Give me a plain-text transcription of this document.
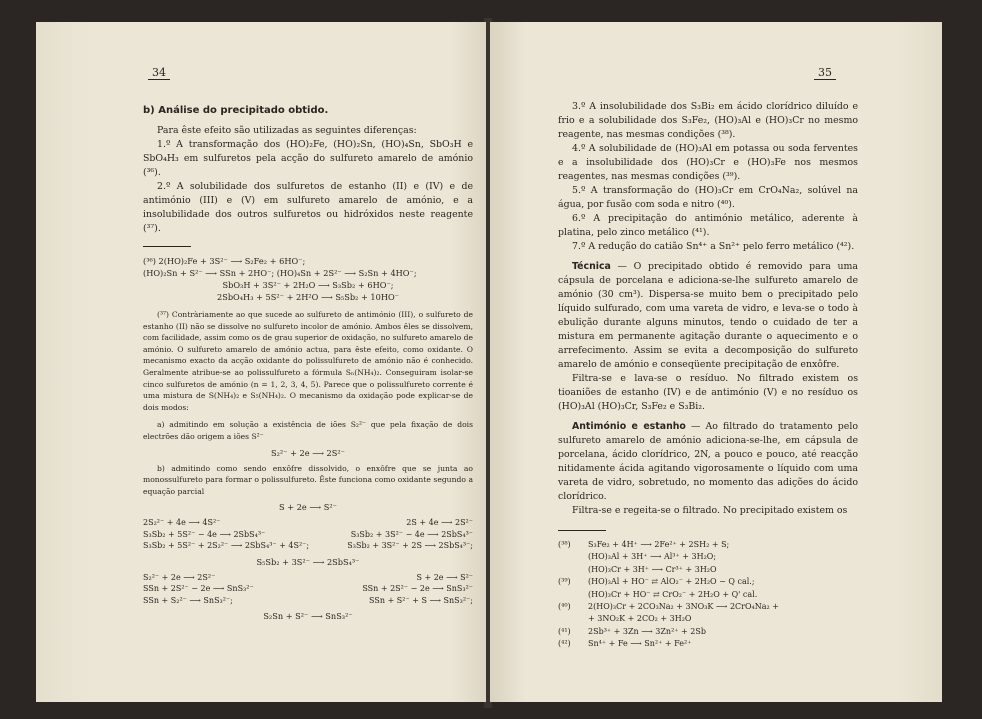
34

b) Análise do precipitado obtido.

Para êste efeito são utilizadas as seguintes diferenças:

1.º A transformação dos (HO)₂Fe, (HO)₂Sn, (HO)₄Sn, SbO₃H e SbO₄H₃ em sulfuretos pela acção do sulfureto amarelo de amónio (³⁶).

2.º A solubilidade dos sulfuretos de estanho (II) e (IV) e de antimónio (III) e (V) em sulfureto amarelo de amónio, e a insolubilidade dos outros sulfuretos ou hidróxidos neste reagente (³⁷).

(³⁶) 2(HO)₂Fe + 3S²⁻ ⟶ S₂Fe₂ + 6HO⁻;
(HO)₂Sn + S²⁻ ⟶ SSn + 2HO⁻; (HO)₄Sn + 2S²⁻ ⟶ S₂Sn + 4HO⁻;
SbO₃H + 3S²⁻ + 2H₂O ⟶ S₃Sb₂ + 6HO⁻;
2SbO₄H₃ + 5S²⁻ + 2H²O ⟶ S₅Sb₂ + 10HO⁻

(³⁷) Contràriamente ao que sucede ao sulfureto de antimónio (III), o sulfureto de estanho (II) não se dissolve no sulfureto incolor de amónio. Ambos êles se dissolvem, com facilidade, assim como os de grau superior de oxidação, no sulfureto amarelo de amónio. O sulfureto amarelo de amónio actua, para êste efeito, como oxidante. O mecanismo exacto da acção oxidante do polissulfureto de amónio não é conhecido. Geralmente atribue-se ao polissulfureto a fórmula Sₙ(NH₄)₂. Conseguiram isolar-se cinco sulfuretos de amónio (n = 1, 2, 3, 4, 5). Parece que o polissulfureto corrente é uma mistura de S(NH₄)₂ e S₅(NH₄)₂. O mecanismo da oxidação pode explicar-se de dois modos:

a) admitindo em solução a existência de iões S₂²⁻ que pela fixação de dois electrões dão origem a iões S²⁻

S₂²⁻ + 2e ⟶ 2S²⁻

b) admitindo como sendo enxôfre dissolvido, o enxôfre que se junta ao monossulfureto para formar o polissulfureto. Êste funciona como oxidante segundo a equação parcial

S + 2e ⟶ S²⁻
2S₂²⁻ + 4e ⟶ 4S²⁻	2S + 4e ⟶ 2S²⁻
S₃Sb₂ + 5S²⁻ − 4e ⟶ 2SbS₄³⁻	S₃Sb₂ + 3S²⁻ − 4e ⟶ 2SbS₄³⁻
S₃Sb₂ + 5S²⁻ + 2S₂²⁻ ⟶ 2SbS₄³⁻ + 4S²⁻;	S₃Sb₂ + 3S²⁻ + 2S ⟶ 2SbS₄³⁻;
S₅Sb₂ + 3S²⁻ ⟶ 2SbS₄³⁻
S₂²⁻ + 2e ⟶ 2S²⁻	S + 2e ⟶ S²⁻
SSn + 2S²⁻ − 2e ⟶ SnS₃²⁻	SSn + 2S²⁻ − 2e ⟶ SnS₃²⁻
SSn + S₂²⁻ ⟶ SnS₃²⁻;	SSn + S²⁻ + S ⟶ SnS₃²⁻;
S₂Sn + S²⁻ ⟶ SnS₃²⁻
35

3.º A insolubilidade dos S₃Bi₂ em ácido clorídrico diluído e frio e a solubilidade dos S₃Fe₂, (HO)₃Al e (HO)₃Cr no mesmo reagente, nas mesmas condições (³⁸).

4.º A solubilidade de (HO)₃Al em potassa ou soda ferventes e a insolubilidade dos (HO)₃Cr e (HO)₃Fe nos mesmos reagentes, nas mesmas condições (³⁹).

5.º A transformação do (HO)₃Cr em CrO₄Na₂, solúvel na água, por fusão com soda e nitro (⁴⁰).

6.º A precipitação do antimónio metálico, aderente à platina, pelo zinco metálico (⁴¹).

7.º A redução do catião Sn⁴⁺ a Sn²⁺ pelo ferro metálico (⁴²).

Técnica — O precipitado obtido é removido para uma cápsula de porcelana e adiciona-se-lhe sulfureto amarelo de amónio (30 cm³). Dispersa-se muito bem o precipitado pelo líquido sulfurado, com uma vareta de vidro, e leva-se o todo à ebulição durante alguns minutos, tendo o cuidado de ter a mistura em permanente agitação durante o aquecimento e o arrefecimento. Assim se evita a decomposição do sulfureto amarelo de amónio e conseqüente precipitação de enxôfre.

Filtra-se e lava-se o resíduo. No filtrado existem os tioaniões de estanho (IV) e de antimónio (V) e no resíduo os (HO)₃Al (HO)₃Cr, S₃Fe₂ e S₃Bi₂.

Antimónio e estanho — Ao filtrado do tratamento pelo sulfureto amarelo de amónio adiciona-se-lhe, em cápsula de porcelana, ácido clorídrico, 2N, a pouco e pouco, até reacção nitidamente ácida agitando vigorosamente o líquido com uma vareta de vidro, sobretudo, no momento das adições do ácido clorídrico.

Filtra-se e regeita-se o filtrado. No precipitado existem os

(³⁸)	S₃Fe₂ + 4H⁺ ⟶ 2Fe²⁺ + 2SH₂ + S;
(HO)₃Al + 3H⁺ ⟶ Al³⁺ + 3H₂O;
(HO)₃Cr + 3H⁺ ⟶ Cr³⁺ + 3H₂O
(³⁹)	(HO)₃Al + HO⁻ ⇄ AlO₂⁻ + 2H₂O − Q cal.;
(HO)₃Cr + HO⁻ ⇄ CrO₂⁻ + 2H₂O + Q' cal.
(⁴⁰)	2(HO)₃Cr + 2CO₃Na₂ + 3NO₃K ⟶ 2CrO₄Na₂ +
+ 3NO₂K + 2CO₂ + 3H₂O
(⁴¹)	2Sb³⁺ + 3Zn ⟶ 3Zn²⁺ + 2Sb
(⁴²)	Sn⁴⁺ + Fe ⟶ Sn²⁺ + Fe²⁺
